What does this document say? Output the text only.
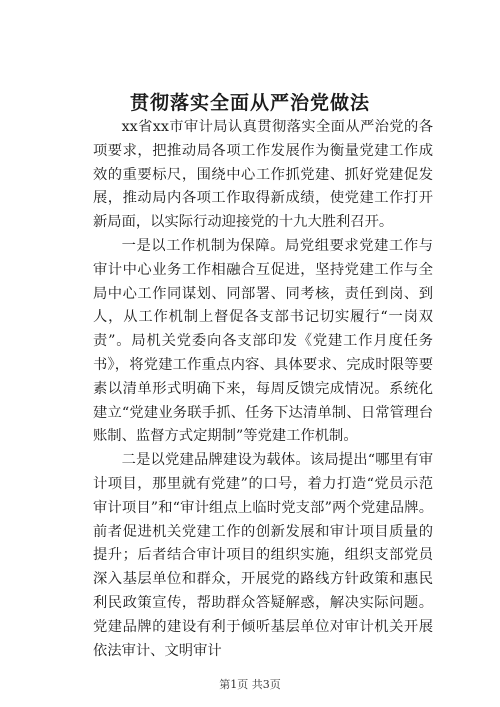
贯彻落实全面从严治党做法

xx省xx市审计局认真贯彻落实全面从严治党的各项要求，把推动局各项工作发展作为衡量党建工作成效的重要标尺，围绕中心工作抓党建、抓好党建促发展，推动局内各项工作取得新成绩，使党建工作打开新局面，以实际行动迎接党的十九大胜利召开。

一是以工作机制为保障。局党组要求党建工作与审计中心业务工作相融合互促进，坚持党建工作与全局中心工作同谋划、同部署、同考核，责任到岗、到人，从工作机制上督促各支部书记切实履行“一岗双责”。局机关党委向各支部印发《党建工作月度任务书》，将党建工作重点内容、具体要求、完成时限等要素以清单形式明确下来，每周反馈完成情况。系统化建立“党建业务联手抓、任务下达清单制、日常管理台账制、监督方式定期制”等党建工作机制。

二是以党建品牌建设为载体。该局提出“哪里有审计项目，那里就有党建”的口号，着力打造“党员示范审计项目”和“审计组点上临时党支部”两个党建品牌。前者促进机关党建工作的创新发展和审计项目质量的提升；后者结合审计项目的组织实施，组织支部党员深入基层单位和群众，开展党的路线方针政策和惠民利民政策宣传，帮助群众答疑解惑，解决实际问题。党建品牌的建设有利于倾听基层单位对审计机关开展依法审计、文明审计

第1页 共3页
